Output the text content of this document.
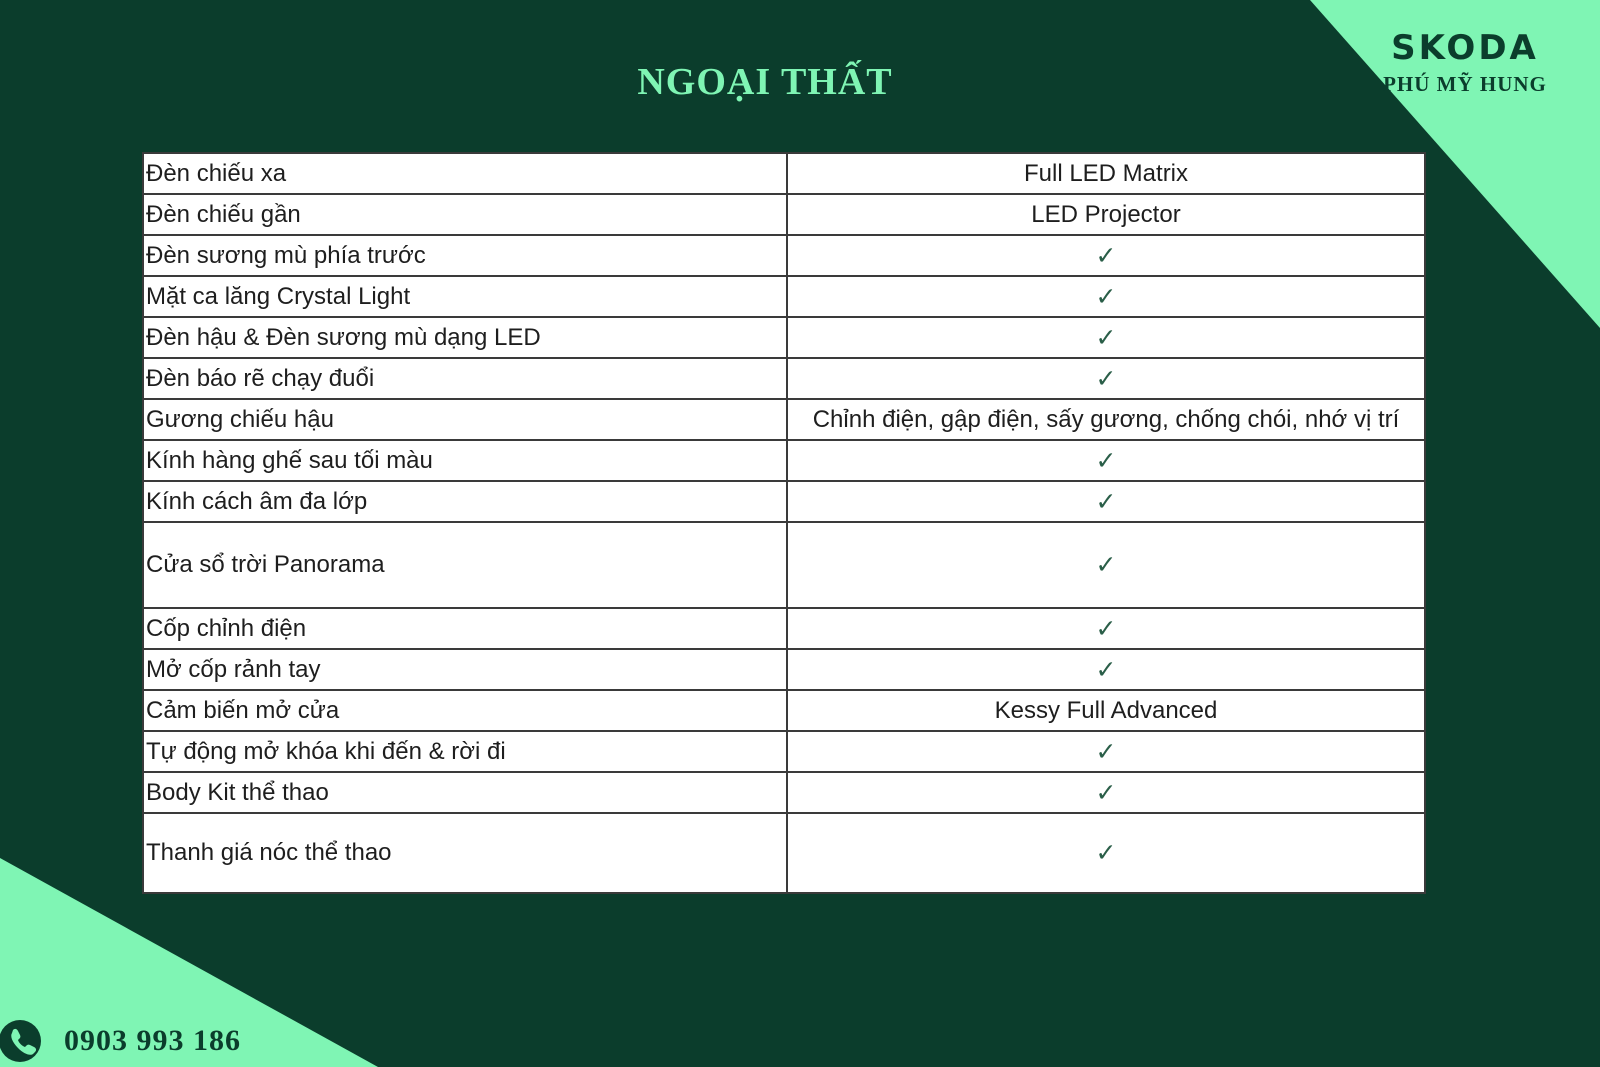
NGOẠI THẤT
SKODA
PHÚ MỸ HUNG
Đèn chiếu xa	Full LED Matrix
Đèn chiếu gần	LED Projector
Đèn sương mù phía trước	✓
Mặt ca lăng Crystal Light	✓
Đèn hậu & Đèn sương mù dạng LED	✓
Đèn báo rẽ chạy đuổi	✓
Gương chiếu hậu	Chỉnh điện, gập điện, sấy gương, chống chói, nhớ vị trí
Kính hàng ghế sau tối màu	✓
Kính cách âm đa lớp	✓
Cửa sổ trời Panorama	✓
Cốp chỉnh điện	✓
Mở cốp rảnh tay	✓
Cảm biến mở cửa	Kessy Full Advanced
Tự động mở khóa khi đến & rời đi	✓
Body Kit thể thao	✓
Thanh giá nóc thể thao	✓
0903 993 186
